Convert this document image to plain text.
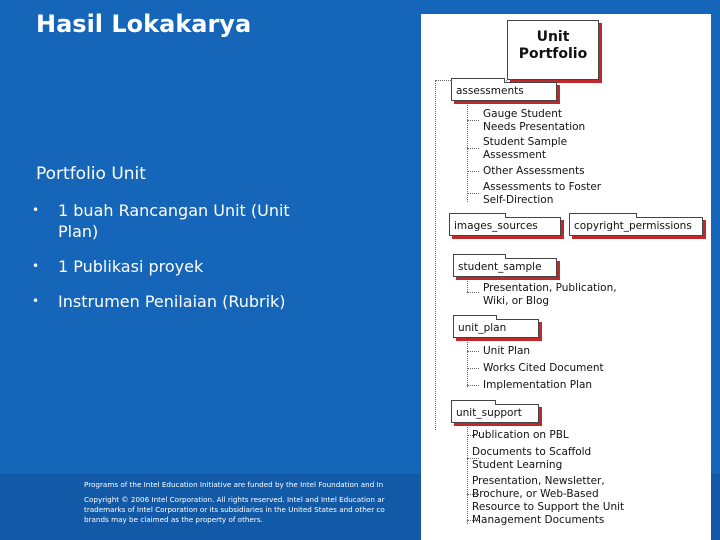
Hasil Lokakarya
Portfolio Unit
• 1 buah Rancangan Unit (Unit Plan)
• 1 Publikasi proyek
• Instrumen Penilaian (Rubrik)
Programs of the Intel Education Initiative are funded by the Intel Foundation and In
Copyright © 2006 Intel Corporation. All rights reserved. Intel and Intel Education ar
trademarks of Intel Corporation or its subsidiaries in the United States and other co
brands may be claimed as the property of others.
Unit
Portfolio
assessments
images_sources	copyright_permissions
student_sample
unit_plan
unit_support
Gauge Student
Needs Presentation
Student Sample
Assessment
Other Assessments
Assessments to Foster
Self-Direction
Presentation, Publication,
Wiki, or Blog
Unit Plan
Works Cited Document
Implementation Plan
Publication on PBL
Documents to Scaffold
Student Learning
Presentation, Newsletter,
Brochure, or Web-Based
Resource to Support the Unit
Management Documents
